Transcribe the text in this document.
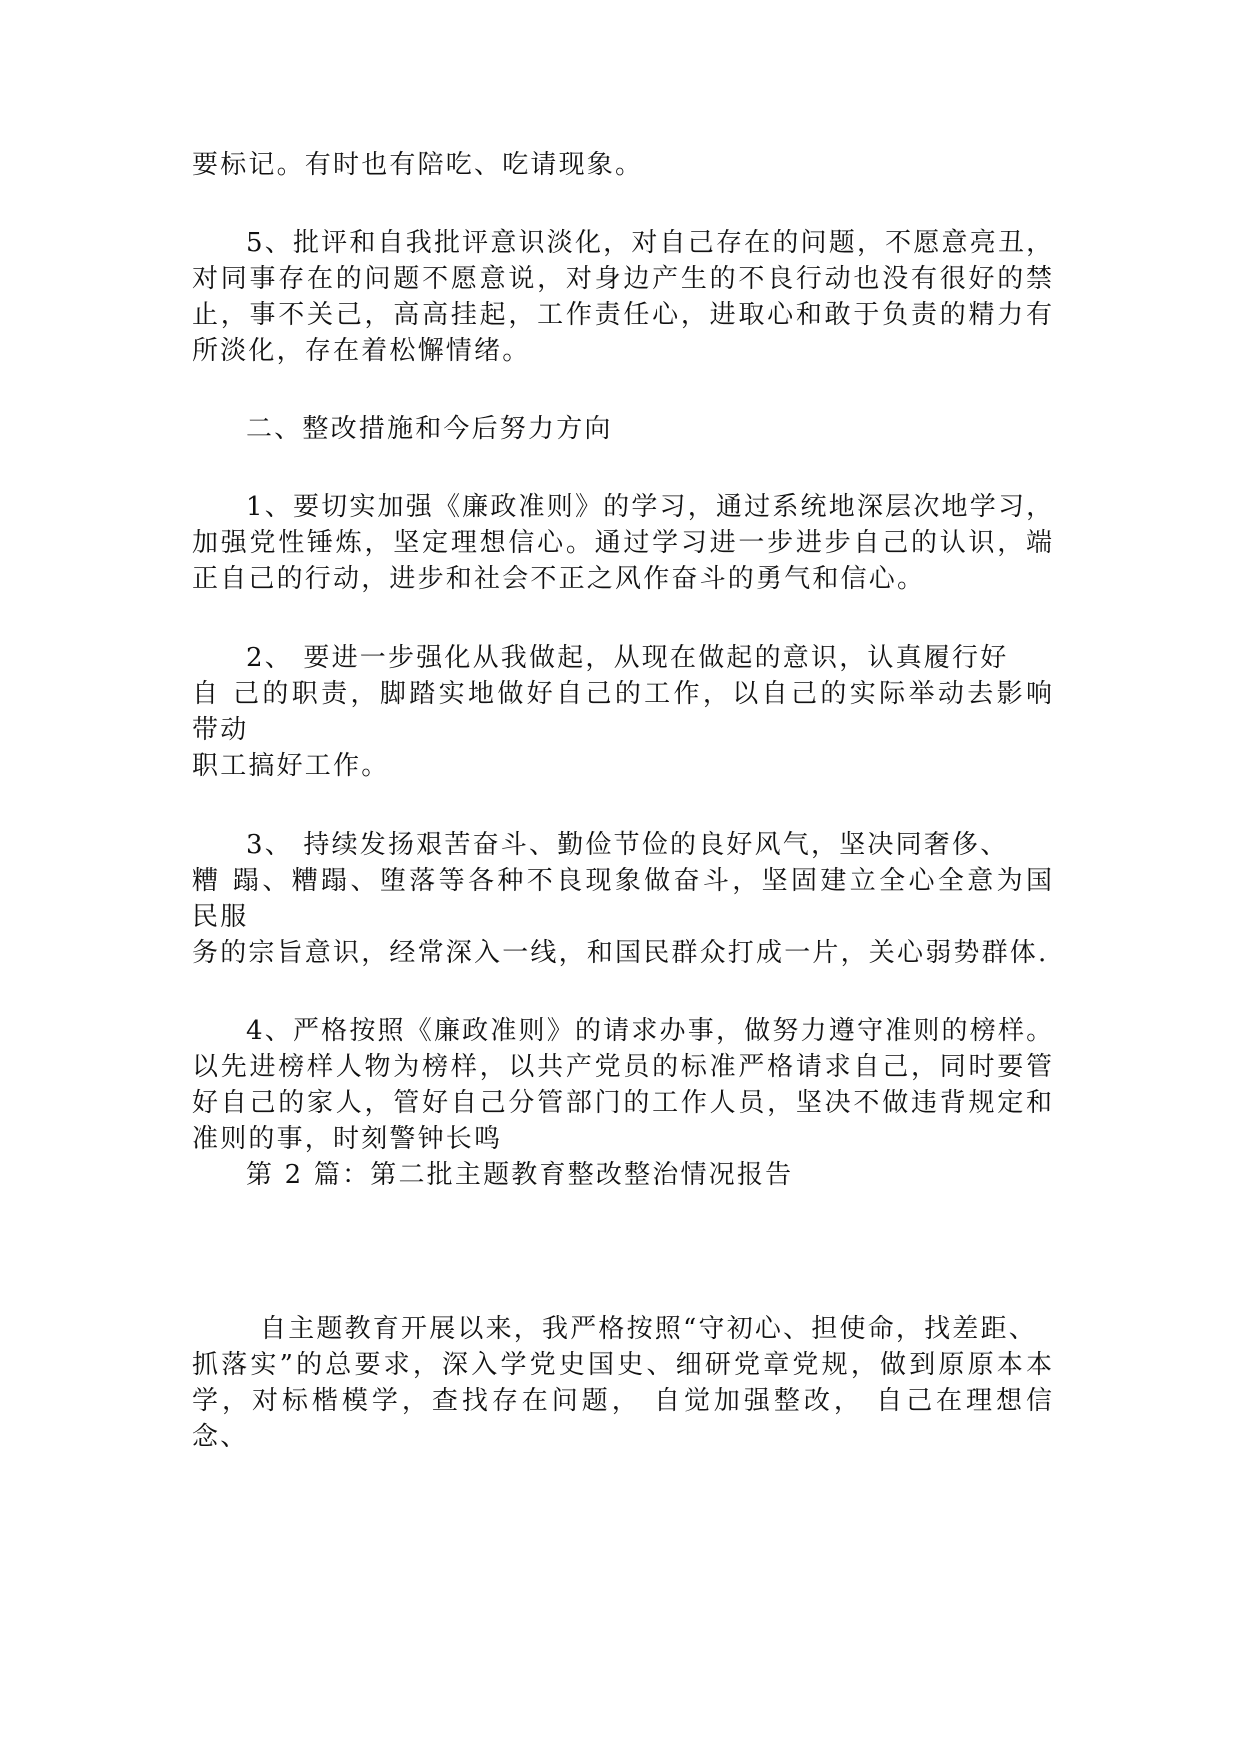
要标记。有时也有陪吃、吃请现象。

5、批评和自我批评意识淡化，对自己存在的问题，不愿意亮丑，

对同事存在的问题不愿意说，对身边产生的不良行动也没有很好的禁

止，事不关己，高高挂起，工作责任心，进取心和敢于负责的精力有

所淡化，存在着松懈情绪。

二、整改措施和今后努力方向

1、要切实加强《廉政准则》的学习，通过系统地深层次地学习，

加强党性锤炼，坚定理想信心。通过学习进一步进步自己的认识，端

正自己的行动，进步和社会不正之风作奋斗的勇气和信心。

2、 要进一步强化从我做起，从现在做起的意识，认真履行好

自 己的职责，脚踏实地做好自己的工作，以自己的实际举动去影响

带动

职工搞好工作。

3、 持续发扬艰苦奋斗、勤俭节俭的良好风气，坚决同奢侈、

糟 蹋、糟蹋、堕落等各种不良现象做奋斗，坚固建立全心全意为国

民服

务的宗旨意识，经常深入一线，和国民群众打成一片，关心弱势群体.

4、严格按照《廉政准则》的请求办事，做努力遵守准则的榜样。

以先进榜样人物为榜样，以共产党员的标准严格请求自己，同时要管

好自己的家人，管好自己分管部门的工作人员，坚决不做违背规定和

准则的事，时刻警钟长鸣

第 2 篇：第二批主题教育整改整治情况报告

自主题教育开展以来，我严格按照“守初心、担使命，找差距、

抓落实”的总要求，深入学党史国史、细研党章党规，做到原原本本

学，对标楷模学，查找存在问题， 自觉加强整改， 自己在理想信

念、
